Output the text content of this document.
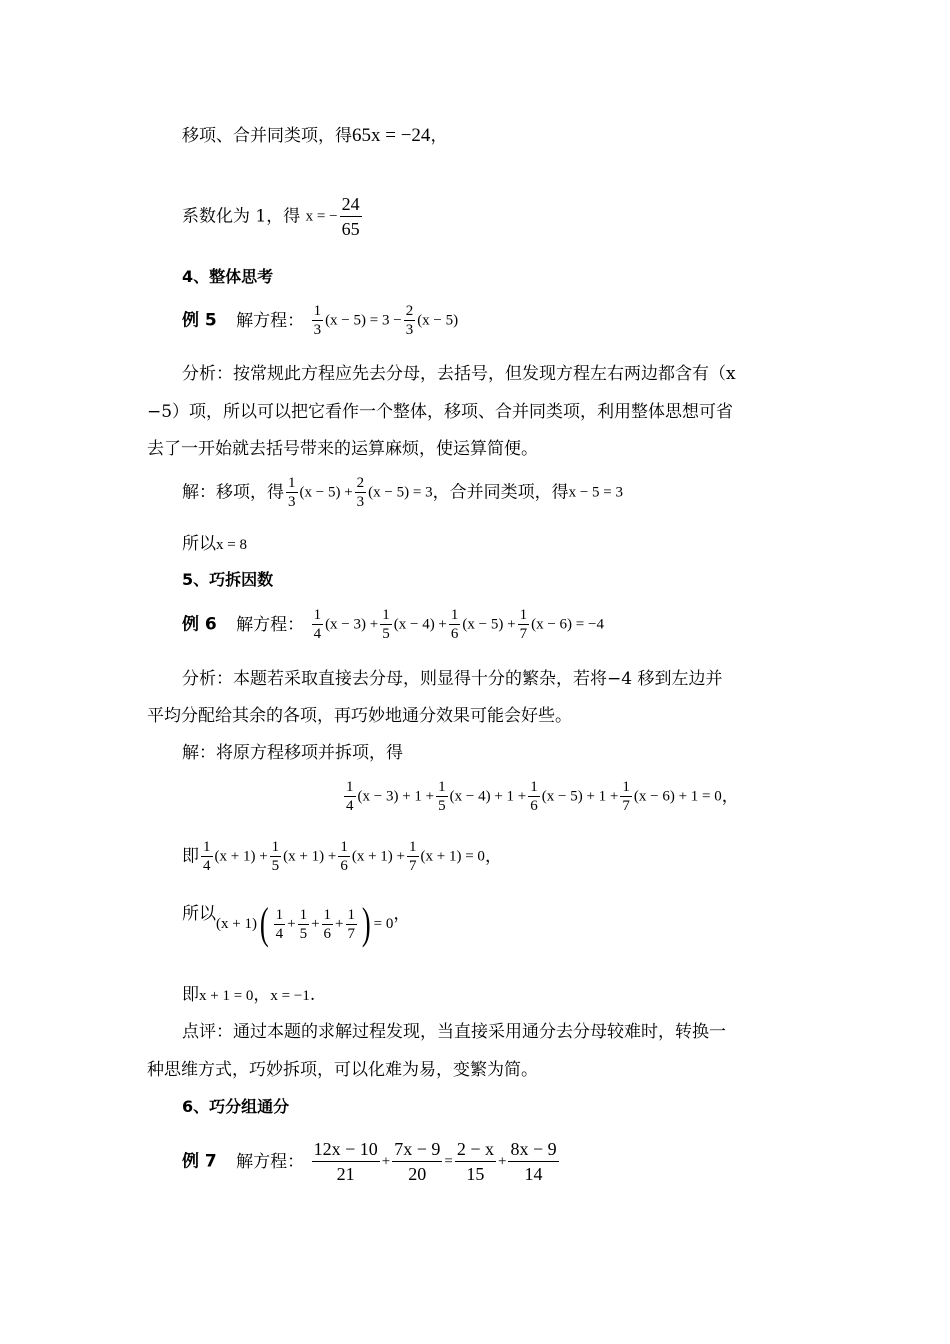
移项、合并同类项，得65x = −24，
系数化为 1，得 x = − $\frac{24}{65}$
4、整体思考
例 5 解方程： $\frac{1}{3} (x - 5) = 3 - \frac{2}{3} (x - 5)$
分析：按常规此方程应先去分母，去括号，但发现方程左右两边都含有（x
−5）项，所以可以把它看作一个整体，移项、合并同类项，利用整体思想可省
去了一开始就去括号带来的运算麻烦，使运算简便。
解：移项，得 $\frac{1}{3} (x - 5) + \frac{2}{3} (x - 5) = 3$，合并同类项，得x − 5 = 3
所以x = 8
5、巧拆因数
例 6 解方程： $\frac{1}{4} (x - 3) + \frac{1}{5} (x - 4) + \frac{1}{6} (x - 5) + \frac{1}{7} (x - 6) = -4$
分析：本题若采取直接去分母，则显得十分的繁杂，若将−4 移到左边并
平均分配给其余的各项，再巧妙地通分效果可能会好些。
解：将原方程移项并拆项，得
$\frac{1}{4} (x - 3) + 1 + \frac{1}{5} (x - 4) + 1 + \frac{1}{6} (x - 5) + 1 + \frac{1}{7} (x - 6) + 1 = 0$，
即 $\frac{1}{4} (x + 1) + \frac{1}{5} (x + 1) + \frac{1}{6} (x + 1) + \frac{1}{7} (x + 1) = 0$，
所以$(x + 1)( \frac{1}{4} + \frac{1}{5} + \frac{1}{6} + \frac{1}{7}$ ) = 0，
即x + 1 = 0，x = −1.
点评：通过本题的求解过程发现，当直接采用通分去分母较难时，转换一
种思维方式，巧妙拆项，可以化难为易，变繁为简。
6、巧分组通分
例 7 解方程： $\frac{12x - 10}{21} + \frac{7x - 9}{20} = \frac{2 - x}{15} + \frac{8x - 9}{14}$
